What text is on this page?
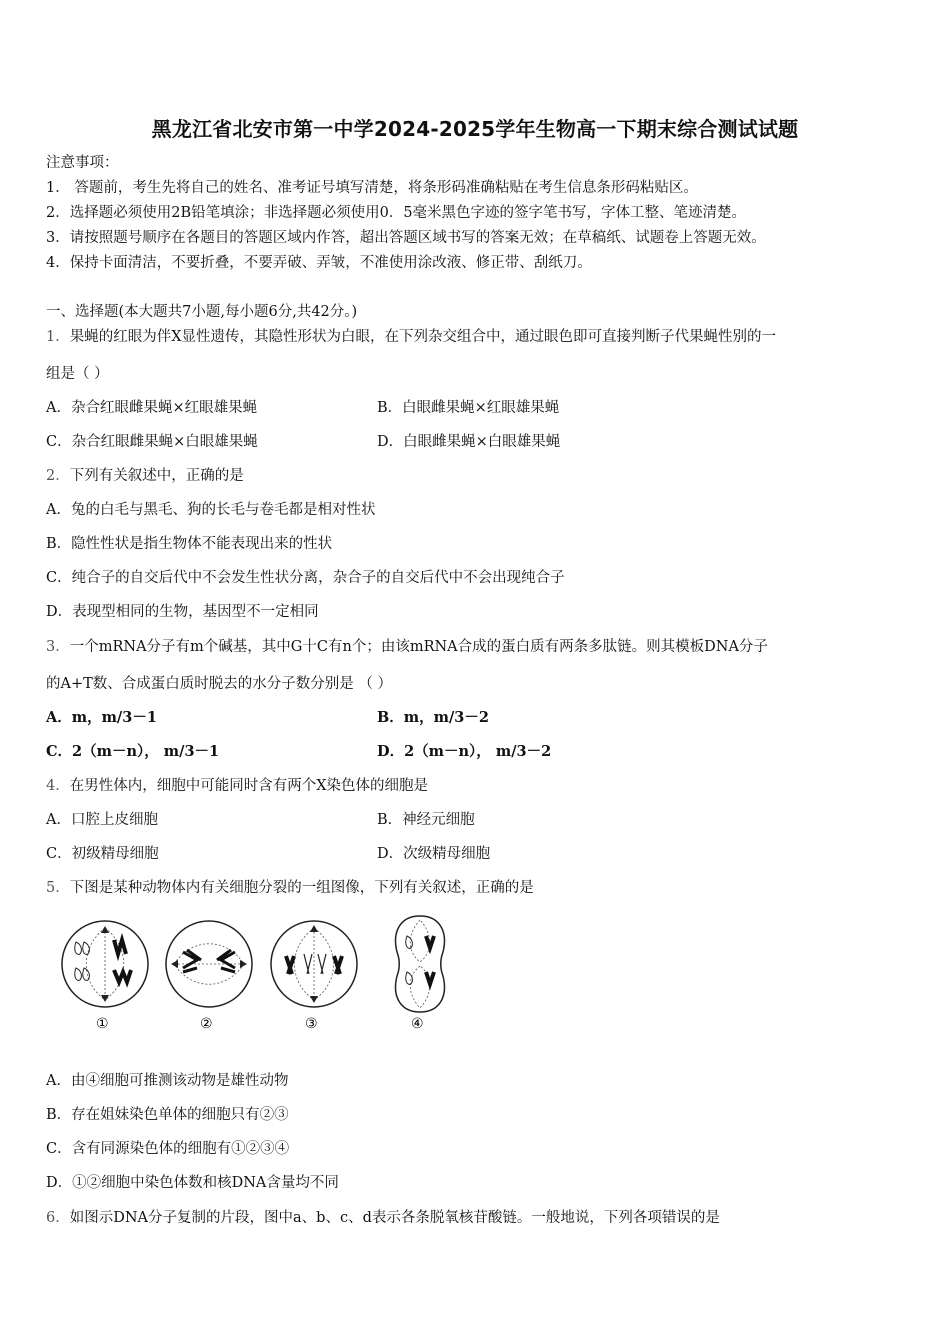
黑龙江省北安市第一中学2024-2025学年生物高一下期末综合测试试题
注意事项：
1． 答题前，考生先将自己的姓名、准考证号填写清楚，将条形码准确粘贴在考生信息条形码粘贴区。
2．选择题必须使用2B铅笔填涂；非选择题必须使用0．5毫米黑色字迹的签字笔书写，字体工整、笔迹清楚。
3．请按照题号顺序在各题目的答题区域内作答，超出答题区域书写的答案无效；在草稿纸、试题卷上答题无效。
4．保持卡面清洁，不要折叠，不要弄破、弄皱，不准使用涂改液、修正带、刮纸刀。
一、选择题(本大题共7小题,每小题6分,共42分。)
1．果蝇的红眼为伴X显性遗传，其隐性形状为白眼，在下列杂交组合中，通过眼色即可直接判断子代果蝇性别的一
组是（ ）
A．杂合红眼雌果蝇×红眼雄果蝇	B．白眼雌果蝇×红眼雄果蝇
C．杂合红眼雌果蝇×白眼雄果蝇	D．白眼雌果蝇×白眼雄果蝇
2．下列有关叙述中，正确的是
A．兔的白毛与黑毛、狗的长毛与卷毛都是相对性状
B．隐性性状是指生物体不能表现出来的性状
C．纯合子的自交后代中不会发生性状分离，杂合子的自交后代中不会出现纯合子
D．表现型相同的生物，基因型不一定相同
3．一个mRNA分子有m个碱基，其中G十C有n个；由该mRNA合成的蛋白质有两条多肽链。则其模板DNA分子
的A+T数、合成蛋白质时脱去的水分子数分别是 （ ）
A．m，m/3－1	B．m，m/3－2
C．2（m－n）， m/3－1	D．2（m－n）， m/3－2
4．在男性体内，细胞中可能同时含有两个X染色体的细胞是
A．口腔上皮细胞	B．神经元细胞
C．初级精母细胞	D．次级精母细胞
5．下图是某种动物体内有关细胞分裂的一组图像，下列有关叙述，正确的是
①	②	③	④
A．由④细胞可推测该动物是雄性动物
B．存在姐妹染色单体的细胞只有②③
C．含有同源染色体的细胞有①②③④
D．①②细胞中染色体数和核DNA含量均不同
6．如图示DNA分子复制的片段，图中a、b、c、d表示各条脱氧核苷酸链。一般地说，下列各项错误的是
